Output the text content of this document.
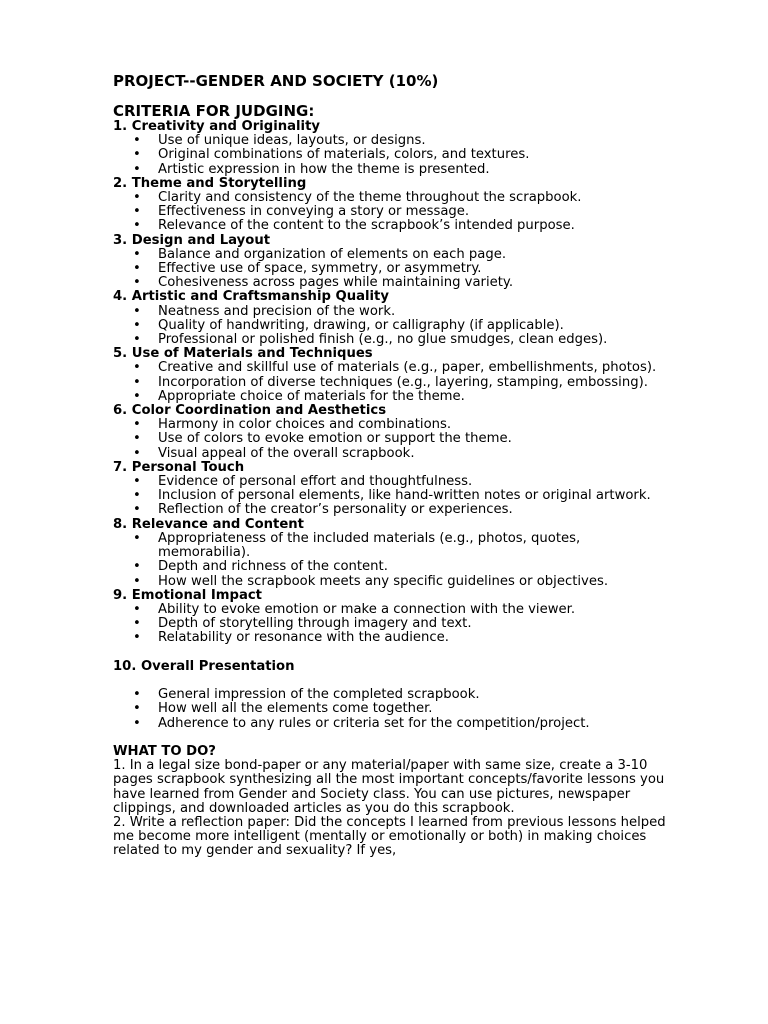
PROJECT--GENDER AND SOCIETY (10%)
CRITERIA FOR JUDGING:
1. Creativity and Originality
• Use of unique ideas, layouts, or designs.
• Original combinations of materials, colors, and textures.
• Artistic expression in how the theme is presented.
2. Theme and Storytelling
• Clarity and consistency of the theme throughout the scrapbook.
• Effectiveness in conveying a story or message.
• Relevance of the content to the scrapbook’s intended purpose.
3. Design and Layout
• Balance and organization of elements on each page.
• Effective use of space, symmetry, or asymmetry.
• Cohesiveness across pages while maintaining variety.
4. Artistic and Craftsmanship Quality
• Neatness and precision of the work.
• Quality of handwriting, drawing, or calligraphy (if applicable).
• Professional or polished finish (e.g., no glue smudges, clean edges).
5. Use of Materials and Techniques
• Creative and skillful use of materials (e.g., paper, embellishments, photos).
• Incorporation of diverse techniques (e.g., layering, stamping, embossing).
• Appropriate choice of materials for the theme.
6. Color Coordination and Aesthetics
• Harmony in color choices and combinations.
• Use of colors to evoke emotion or support the theme.
• Visual appeal of the overall scrapbook.
7. Personal Touch
• Evidence of personal effort and thoughtfulness.
• Inclusion of personal elements, like hand-written notes or original artwork.
• Reflection of the creator’s personality or experiences.
8. Relevance and Content
• Appropriateness of the included materials (e.g., photos, quotes, memorabilia).
• Depth and richness of the content.
• How well the scrapbook meets any specific guidelines or objectives.
9. Emotional Impact
• Ability to evoke emotion or make a connection with the viewer.
• Depth of storytelling through imagery and text.
• Relatability or resonance with the audience.
10. Overall Presentation
• General impression of the completed scrapbook.
• How well all the elements come together.
• Adherence to any rules or criteria set for the competition/project.
WHAT TO DO?

1. In a legal size bond-paper or any material/paper with same size, create a 3-10 pages scrapbook synthesizing all the most important concepts/favorite lessons you have learned from Gender and Society class. You can use pictures, newspaper clippings, and downloaded articles as you do this scrapbook.

2. Write a reflection paper: Did the concepts I learned from previous lessons helped me become more intelligent (mentally or emotionally or both) in making choices related to my gender and sexuality? If yes,
